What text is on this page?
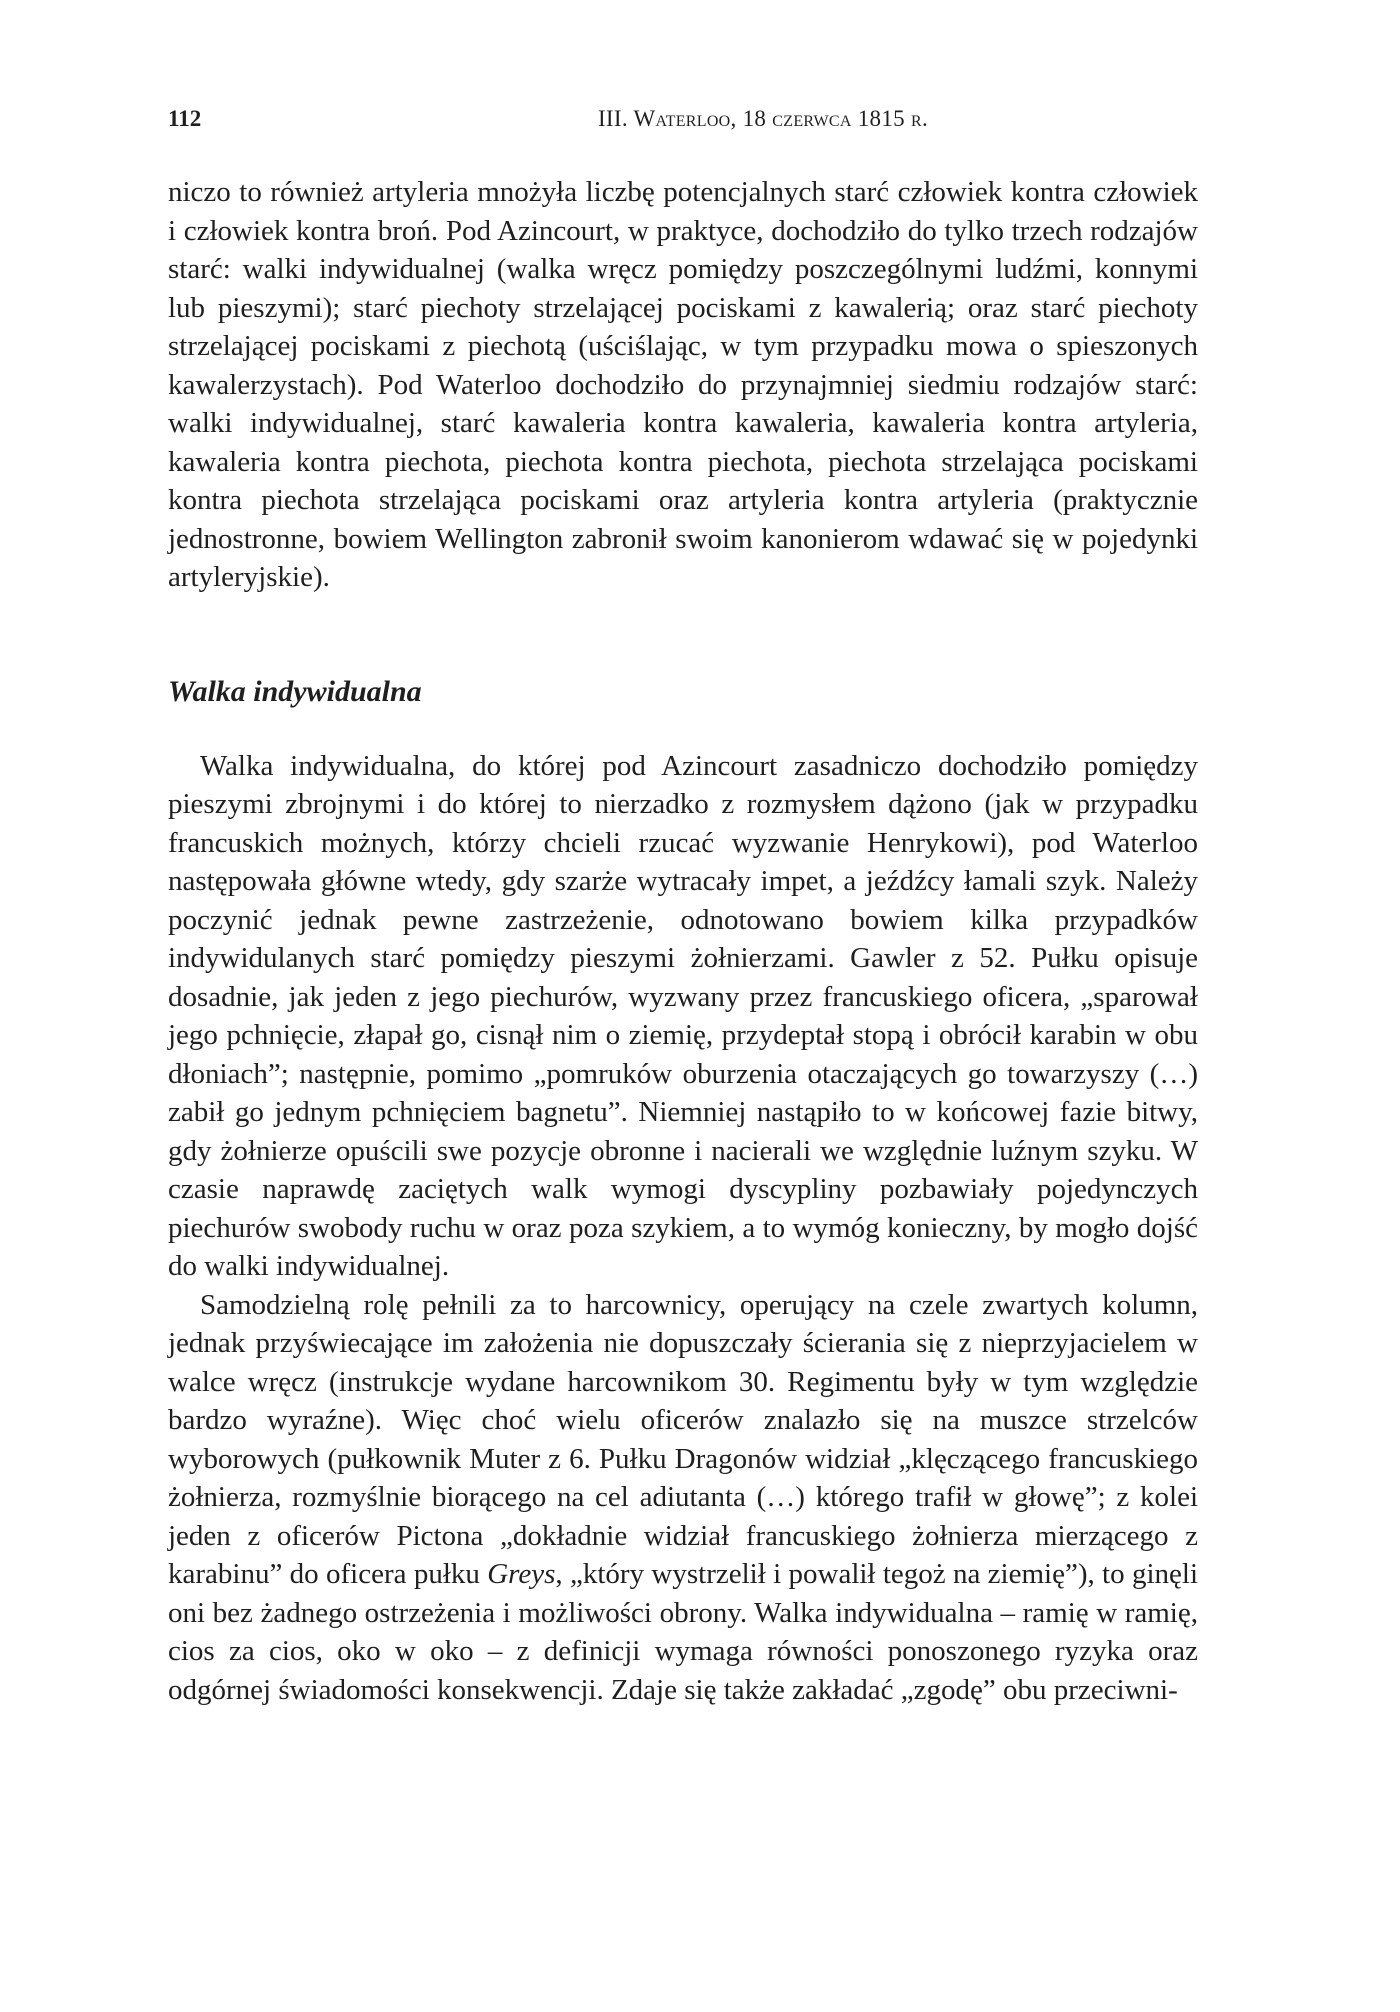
112	III. Waterloo, 18 czerwca 1815 r.

niczo to również artyleria mnożyła liczbę potencjalnych starć człowiek kontra człowiek i człowiek kontra broń. Pod Azincourt, w praktyce, dochodziło do tylko trzech rodzajów starć: walki indywidualnej (walka wręcz pomiędzy poszczególnymi ludźmi, konnymi lub pieszymi); starć piechoty strzelającej pociskami z kawalerią; oraz starć piechoty strzelającej pociskami z piechotą (uściślając, w tym przypadku mowa o spieszonych kawalerzystach). Pod Waterloo dochodziło do przynajmniej siedmiu rodzajów starć: walki indywidualnej, starć kawaleria kontra kawaleria, kawaleria kontra artyleria, kawaleria kontra piechota, piechota kontra piechota, piechota strzelająca pociskami kontra piechota strzelająca pociskami oraz artyleria kontra artyleria (praktycznie jednostronne, bowiem Wellington zabronił swoim kanonierom wdawać się w pojedynki artyleryjskie).

Walka indywidualna

Walka indywidualna, do której pod Azincourt zasadniczo dochodziło pomiędzy pieszymi zbrojnymi i do której to nierzadko z rozmysłem dążono (jak w przypadku francuskich możnych, którzy chcieli rzucać wyzwanie Henrykowi), pod Waterloo następowała główne wtedy, gdy szarże wytracały impet, a jeźdźcy łamali szyk. Należy poczynić jednak pewne zastrzeżenie, odnotowano bowiem kilka przypadków indywidulanych starć pomiędzy pieszymi żołnierzami. Gawler z 52. Pułku opisuje dosadnie, jak jeden z jego piechurów, wyzwany przez francuskiego oficera, „sparował jego pchnięcie, złapał go, cisnął nim o ziemię, przydeptał stopą i obrócił karabin w obu dłoniach”; następnie, pomimo „pomruków oburzenia otaczających go towarzyszy (…) zabił go jednym pchnięciem bagnetu”. Niemniej nastąpiło to w końcowej fazie bitwy, gdy żołnierze opuścili swe pozycje obronne i nacierali we względnie luźnym szyku. W czasie naprawdę zaciętych walk wymogi dyscypliny pozbawiały pojedynczych piechurów swobody ruchu w oraz poza szykiem, a to wymóg konieczny, by mogło dojść do walki indywidualnej.

Samodzielną rolę pełnili za to harcownicy, operujący na czele zwartych kolumn, jednak przyświecające im założenia nie dopuszczały ścierania się z nieprzyjacielem w walce wręcz (instrukcje wydane harcownikom 30. Regimentu były w tym względzie bardzo wyraźne). Więc choć wielu oficerów znalazło się na muszce strzelców wyborowych (pułkownik Muter z 6. Pułku Dragonów widział „klęczącego francuskiego żołnierza, rozmyślnie biorącego na cel adiutanta (…) którego trafił w głowę”; z kolei jeden z oficerów Pictona „dokładnie widział francuskiego żołnierza mierzącego z karabinu” do oficera pułku Greys, „który wystrzelił i powalił tegoż na ziemię”), to ginęli oni bez żadnego ostrzeżenia i możliwości obrony. Walka indywidualna – ramię w ramię, cios za cios, oko w oko – z definicji wymaga równości ponoszonego ryzyka oraz odgórnej świadomości konsekwencji. Zdaje się także zakładać „zgodę” obu przeciwni-
